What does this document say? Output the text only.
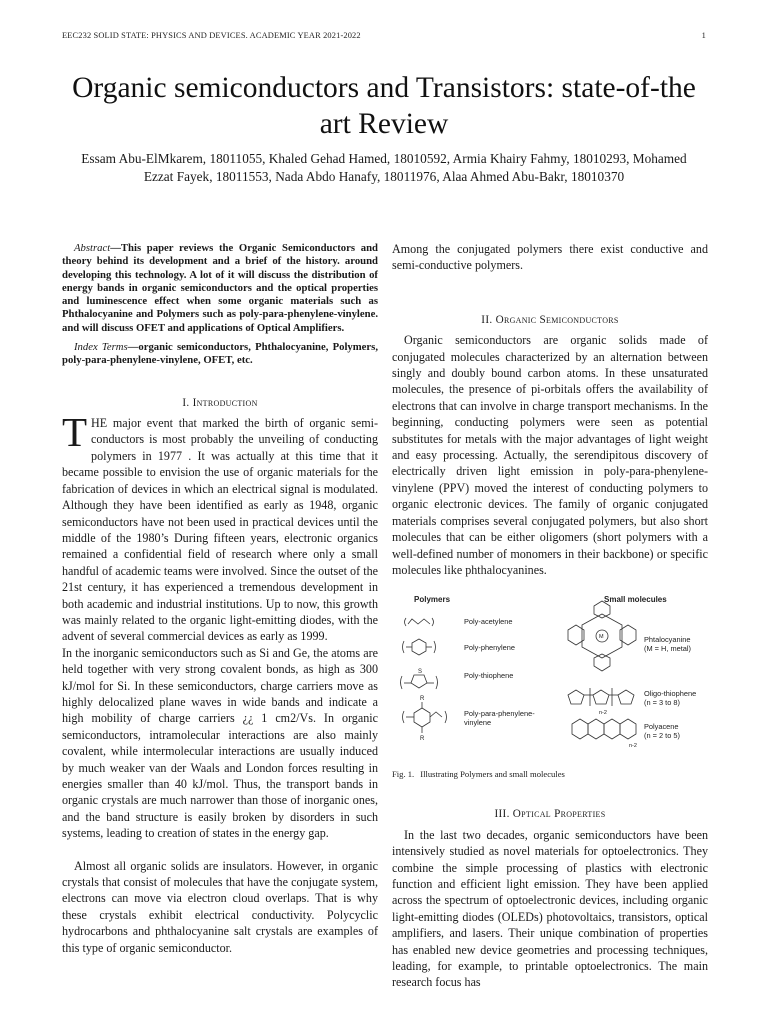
EEC232 SOLID STATE: PHYSICS AND DEVICES. ACADEMIC YEAR 2021-2022	1
Organic semiconductors and Transistors: state-of-the
art Review
Essam Abu-ElMkarem, 18011055, Khaled Gehad Hamed, 18010592, Armia Khairy Fahmy, 18010293, Mohamed
Ezzat Fayek, 18011553, Nada Abdo Hanafy, 18011976, Alaa Ahmed Abu-Bakr, 18010370

Abstract—This paper reviews the Organic Semiconductors and theory behind its development and a brief of the history. around developing this technology. A lot of it will discuss the distribution of energy bands in organic semiconductors and the optical properties and luminescence effect when some organic materials such as Phthalocyanine and Polymers such as poly-para-phenylene-vinylene. and will discuss OFET and applications of Optical Amplifiers.

Index Terms—organic semiconductors, Phthalocyanine, Polymers, poly-para-phenylene-vinylene, OFET, etc.

I. Introduction

THE major event that marked the birth of organic semi-conductors is most probably the unveiling of conducting polymers in 1977 . It was actually at this time that it became possible to envision the use of organic materials for the fabrication of devices in which an electrical signal is modulated. Although they have been identified as early as 1948, organic semiconductors have not been used in practical devices until the middle of the 1980’s During fifteen years, electronic organics remained a confidential field of research where only a small handful of academic teams were involved. Since the outset of the 21st century, it has experienced a tremendous development in both academic and industrial institutions. Up to now, this growth was mainly related to the organic light-emitting diodes, with the advent of several commercial devices as early as 1999.

In the inorganic semiconductors such as Si and Ge, the atoms are held together with very strong covalent bonds, as high as 300 kJ/mol for Si. In these semiconductors, charge carriers move as highly delocalized plane waves in wide bands and indicate a high mobility of charge carriers ¿¿ 1 cm2/Vs. In organic semiconductors, intramolecular interactions are also mainly covalent, while intermolecular interactions are usually induced by much weaker van der Waals and London forces resulting in energies smaller than 40 kJ/mol. Thus, the transport bands in organic crystals are much narrower than those of inorganic ones, and the band structure is easily broken by disorders in such systems, leading to creation of states in the energy gap.

Almost all organic solids are insulators. However, in organic crystals that consist of molecules that have the conjugate system, electrons can move via electron cloud overlaps. That is why these crystals exhibit electrical conductivity. Polycyclic hydrocarbons and phthalocyanine salt crystals are examples of this type of organic semiconductor.

Among the conjugated polymers there exist conductive and semi-conductive polymers.

II. Organic Semiconductors

Organic semiconductors are organic solids made of conjugated molecules characterized by an alternation between singly and doubly bound carbon atoms. In these unsaturated molecules, the presence of pi-orbitals offers the availability of electrons that can involve in charge transport mechanisms. In the beginning, conducting polymers were seen as potential substitutes for metals with the major advantages of light weight and easy processing. Actually, the serendipitous discovery of electrically driven light emission in poly-para-phenylene-vinylene (PPV) moved the interest of conducting polymers to organic electronic devices. The family of organic conjugated materials comprises several conjugated polymers, but also short molecules that can be either oligomers (short polymers with a well-defined number of monomers in their backbone) or specific molecules like phthalocyanines.

Polymers	Small molecules
S
R
R
Poly-acetylene
Poly-phenylene
Poly-thiophene
Poly-para-phenylene-
vinylene
M
n-2
n-2
Phtalocyanine
(M = H, metal)
Oligo-thiophene
(n = 3 to 8)
Polyacene
(n = 2 to 5)

Fig. 1. Illustrating Polymers and small molecules

III. Optical Properties

In the last two decades, organic semiconductors have been intensively studied as novel materials for optoelectronics. They combine the simple processing of plastics with electronic function and efficient light emission. They have been applied across the spectrum of optoelectronic devices, including organic light-emitting diodes (OLEDs) photovoltaics, transistors, optical amplifiers, and lasers. Their unique combination of properties has enabled new device geometries and processing techniques, leading, for example, to printable optoelectronics. The main research focus has
